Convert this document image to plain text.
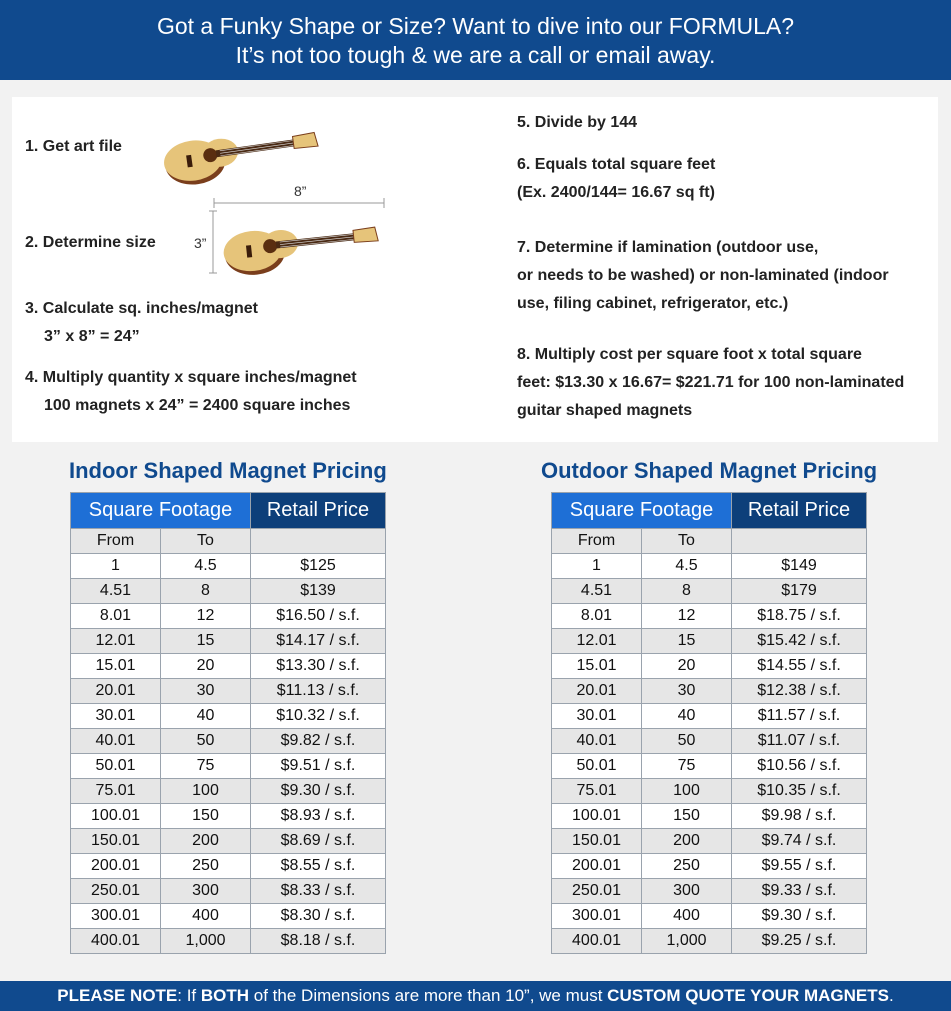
Got a Funky Shape or Size? Want to dive into our FORMULA?
It’s not too tough & we are a call or email away.
1. Get art file
2. Determine size
8”
3”
3. Calculate sq. inches/magnet
3” x 8” = 24”
4. Multiply quantity x square inches/magnet
100 magnets x 24” = 2400 square inches
5. Divide by 144
6. Equals total square feet
(Ex. 2400/144= 16.67 sq ft)
7. Determine if lamination (outdoor use,
or needs to be washed) or non-laminated (indoor
use, filing cabinet, refrigerator, etc.)
8. Multiply cost per square foot x total square
feet: $13.30 x 16.67= $221.71 for 100 non-laminated
guitar shaped magnets
Indoor Shaped Magnet Pricing
Square Footage		Retail Price
From	To	
1	4.5	$125
4.51	8	$139
8.01	12	$16.50 / s.f.
12.01	15	$14.17 / s.f.
15.01	20	$13.30 / s.f.
20.01	30	$11.13 / s.f.
30.01	40	$10.32 / s.f.
40.01	50	$9.82 / s.f.
50.01	75	$9.51 / s.f.
75.01	100	$9.30 / s.f.
100.01	150	$8.93 / s.f.
150.01	200	$8.69 / s.f.
200.01	250	$8.55 / s.f.
250.01	300	$8.33 / s.f.
300.01	400	$8.30 / s.f.
400.01	1,000	$8.18 / s.f.
Outdoor Shaped Magnet Pricing
Square Footage		Retail Price
From	To	
1	4.5	$149
4.51	8	$179
8.01	12	$18.75 / s.f.
12.01	15	$15.42 / s.f.
15.01	20	$14.55 / s.f.
20.01	30	$12.38 / s.f.
30.01	40	$11.57 / s.f.
40.01	50	$11.07 / s.f.
50.01	75	$10.56 / s.f.
75.01	100	$10.35 / s.f.
100.01	150	$9.98 / s.f.
150.01	200	$9.74 / s.f.
200.01	250	$9.55 / s.f.
250.01	300	$9.33 / s.f.
300.01	400	$9.30 / s.f.
400.01	1,000	$9.25 / s.f.
PLEASE NOTE: If BOTH of the Dimensions are more than 10”, we must CUSTOM QUOTE YOUR MAGNETS.
